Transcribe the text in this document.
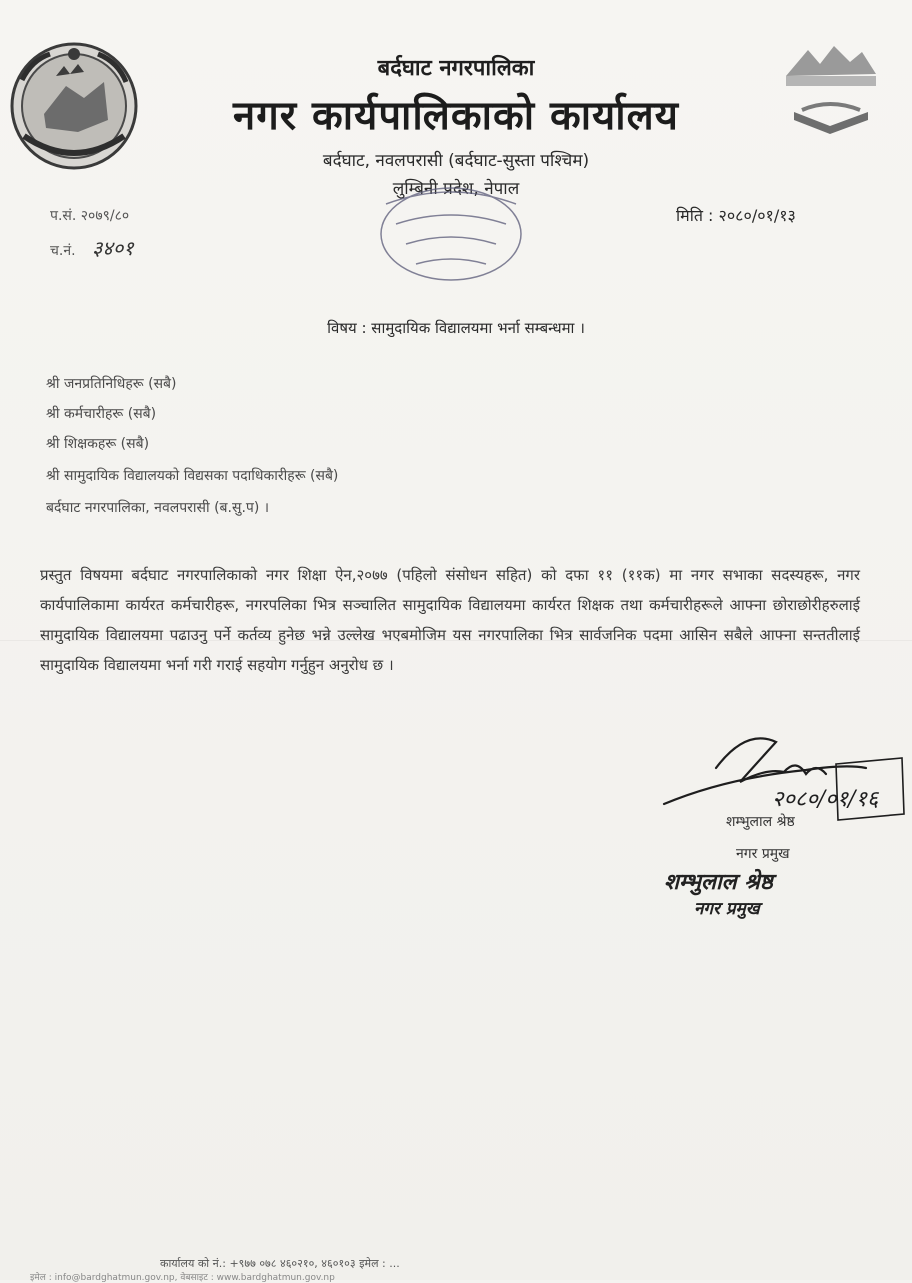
बर्दघाट नगरपालिका
नगर कार्यपालिकाको कार्यालय
बर्दघाट, नवलपरासी (बर्दघाट-सुस्ता पश्चिम)
लुम्बिनी प्रदेश, नेपाल
प.सं. २०७९/८०
च.नं. ३४०१
मिति : २०८०/०१/१३
विषय : सामुदायिक विद्यालयमा भर्ना सम्बन्धमा ।
श्री जनप्रतिनिधिहरू (सबै)
श्री कर्मचारीहरू (सबै)
श्री शिक्षकहरू (सबै)
श्री सामुदायिक विद्यालयको विद्यसका पदाधिकारीहरू (सबै)
बर्दघाट नगरपालिका, नवलपरासी (ब.सु.प) ।
प्रस्तुत विषयमा बर्दघाट नगरपालिकाको नगर शिक्षा ऐन,२०७७ (पहिलो संसोधन सहित) को दफा ११ (११क) मा नगर सभाका सदस्यहरू, नगर कार्यपालिकामा कार्यरत कर्मचारीहरू, नगरपलिका भित्र सञ्चालित सामुदायिक विद्यालयमा कार्यरत शिक्षक तथा कर्मचारीहरूले आफ्ना छोराछोरीहरुलाई सामुदायिक विद्यालयमा पढाउनु पर्ने कर्तव्य हुनेछ भन्ने उल्लेख भएबमोजिम यस नगरपालिका भित्र सार्वजनिक पदमा आसिन सबैले आफ्ना सन्ततीलाई सामुदायिक विद्यालयमा भर्ना गरी गराई सहयोग गर्नुहुन अनुरोध छ ।
२०८०/०१/१६
शम्भुलाल श्रेष्ठ
नगर प्रमुख
शम्भुलाल श्रेष्ठ
नगर प्रमुख
कार्यालय को नं.: +९७७ ०७८ ४६०२१०, ४६०१०३ इमेल : ...
इमेल : info@bardghatmun.gov.np, वेबसाइट : www.bardghatmun.gov.np
